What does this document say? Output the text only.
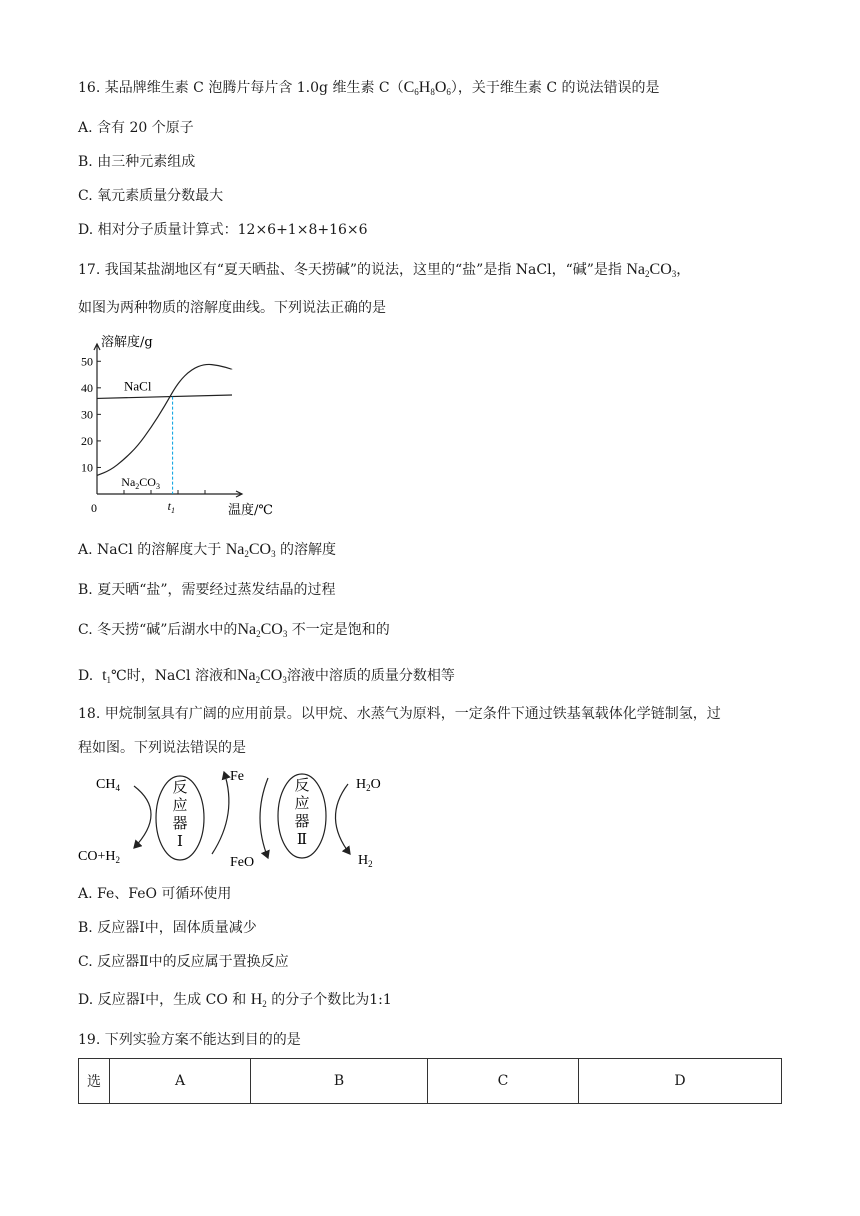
16. 某品牌维生素 C 泡腾片每片含 1.0g 维生素 $C(C_6H_8O_6)$，关于维生素 C 的说法错误的是
A. 含有 20 个原子
B. 由三种元素组成
C. 氧元素质量分数最大
D. 相对分子质量计算式：12×6+1×8+16×6
17. 我国某盐湖地区有“夏天晒盐、冬天捞碱”的说法，这里的“盐”是指 NaCl，“碱”是指 $Na_2CO_3$，
如图为两种物质的溶解度曲线。下列说法正确的是
50
40
30
20
10
溶解度/g
温度/℃
0	$t_1$
NaCl
$Na_2CO_3$
A. NaCl 的溶解度大于 $Na_2CO_3$ 的溶解度
B. 夏天晒“盐”，需要经过蒸发结晶的过程
C. 冬天捞“碱”后湖水中的$Na_2CO_3$ 不一定是饱和的
D. $t_1℃$时，NaCl 溶液和$Na_2CO_3$溶液中溶质的质量分数相等
18. 甲烷制氢具有广阔的应用前景。以甲烷、水蒸气为原料，一定条件下通过铁基氧载体化学链制氢，过
程如图。下列说法错误的是
$CH_4$
$CO+H_2$
反
应
器
Ⅰ
Fe
FeO
反
应
器
Ⅱ
$H_2O$
$H_2$
A. Fe、FeO 可循环使用
B. 反应器Ⅰ中，固体质量减少
C. 反应器Ⅱ中的反应属于置换反应
D. 反应器Ⅰ中，生成 CO 和 $H_2$ 的分子个数比为1:1
19. 下列实验方案不能达到目的的是
选	A	B	C	D
